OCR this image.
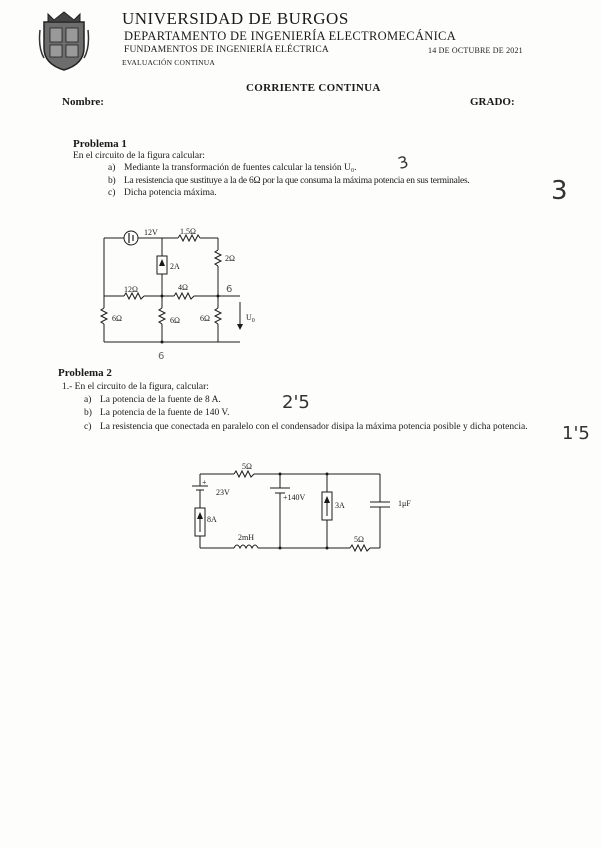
UNIVERSIDAD DE BURGOS
DEPARTAMENTO DE INGENIERÍA ELECTROMECÁNICA
FUNDAMENTOS DE INGENIERÍA ELÉCTRICA	14 DE OCTUBRE DE 2021
EVALUACIÓN CONTINUA
CORRIENTE CONTINUA
Nombre:	GRADO:
Problema 1
En el circuito de la figura calcular:
a) Mediante la transformación de fuentes calcular la tensión U₀.
b) La resistencia que sustituye a la de 6Ω por la que consuma la máxima potencia en sus terminales.
c) Dicha potencia máxima.
12V	1.5Ω
2A
2Ω
12Ω	4Ω
6Ω	6Ω	6Ω	$U_0$
Problema 2
1.- En el circuito de la figura, calcular:
a) La potencia de la fuente de 8 A.
b) La potencia de la fuente de 140 V.
c) La resistencia que conectada en paralelo con el condensador disipa la máxima potencia posible y dicha potencia.
5Ω
+
23V
8A
+140V
3A	1μF
2mH	5Ω
3
3
6
6
2'5
1'5
